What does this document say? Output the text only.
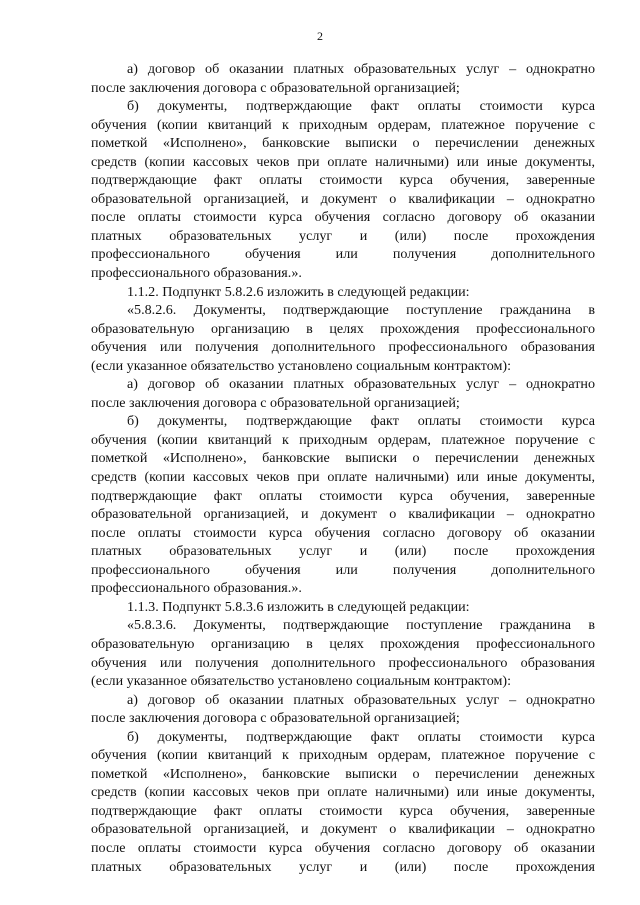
2
а) договор об оказании платных образовательных услуг – однократно
после заключения договора с образовательной организацией;
б) документы, подтверждающие факт оплаты стоимости курса
обучения (копии квитанций к приходным ордерам, платежное поручение с
пометкой «Исполнено», банковские выписки о перечислении денежных
средств (копии кассовых чеков при оплате наличными) или иные документы,
подтверждающие факт оплаты стоимости курса обучения, заверенные
образовательной организацией, и документ о квалификации – однократно
после оплаты стоимости курса обучения согласно договору об оказании
платных образовательных услуг и (или) после прохождения
профессионального обучения или получения дополнительного
профессионального образования.».
1.1.2. Подпункт 5.8.2.6 изложить в следующей редакции:
«5.8.2.6. Документы, подтверждающие поступление гражданина в
образовательную организацию в целях прохождения профессионального
обучения или получения дополнительного профессионального образования
(если указанное обязательство установлено социальным контрактом):
а) договор об оказании платных образовательных услуг – однократно
после заключения договора с образовательной организацией;
б) документы, подтверждающие факт оплаты стоимости курса
обучения (копии квитанций к приходным ордерам, платежное поручение с
пометкой «Исполнено», банковские выписки о перечислении денежных
средств (копии кассовых чеков при оплате наличными) или иные документы,
подтверждающие факт оплаты стоимости курса обучения, заверенные
образовательной организацией, и документ о квалификации – однократно
после оплаты стоимости курса обучения согласно договору об оказании
платных образовательных услуг и (или) после прохождения
профессионального обучения или получения дополнительного
профессионального образования.».
1.1.3. Подпункт 5.8.3.6 изложить в следующей редакции:
«5.8.3.6. Документы, подтверждающие поступление гражданина в
образовательную организацию в целях прохождения профессионального
обучения или получения дополнительного профессионального образования
(если указанное обязательство установлено социальным контрактом):
а) договор об оказании платных образовательных услуг – однократно
после заключения договора с образовательной организацией;
б) документы, подтверждающие факт оплаты стоимости курса
обучения (копии квитанций к приходным ордерам, платежное поручение с
пометкой «Исполнено», банковские выписки о перечислении денежных
средств (копии кассовых чеков при оплате наличными) или иные документы,
подтверждающие факт оплаты стоимости курса обучения, заверенные
образовательной организацией, и документ о квалификации – однократно
после оплаты стоимости курса обучения согласно договору об оказании
платных образовательных услуг и (или) после прохождения
